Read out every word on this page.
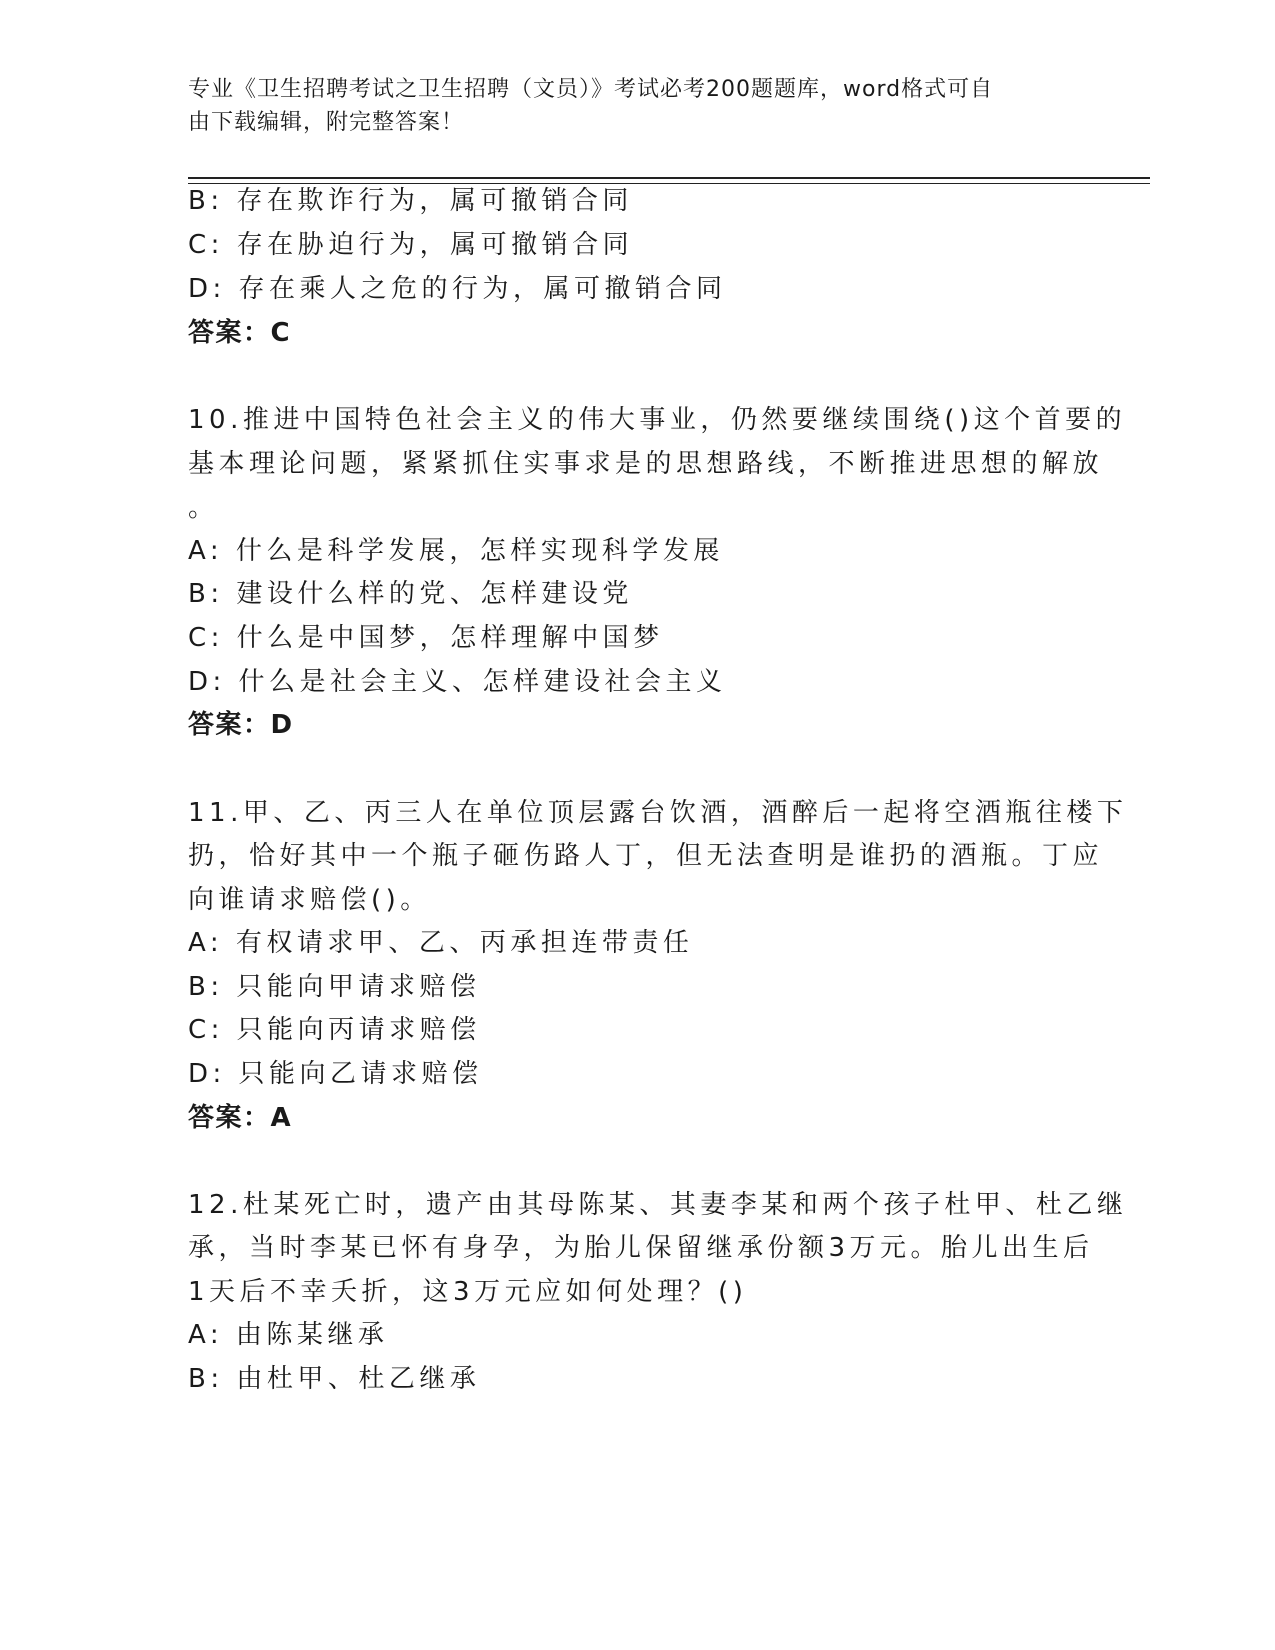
专业《卫生招聘考试之卫生招聘（文员）》考试必考200题题库，word格式可自
由下载编辑，附完整答案！
B: 存在欺诈行为，属可撤销合同
C: 存在胁迫行为，属可撤销合同
D: 存在乘人之危的行为，属可撤销合同
答案：C
10.推进中国特色社会主义的伟大事业，仍然要继续围绕()这个首要的
基本理论问题，紧紧抓住实事求是的思想路线，不断推进思想的解放
。
A: 什么是科学发展，怎样实现科学发展
B: 建设什么样的党、怎样建设党
C: 什么是中国梦，怎样理解中国梦
D: 什么是社会主义、怎样建设社会主义
答案：D
11.甲、乙、丙三人在单位顶层露台饮酒，酒醉后一起将空酒瓶往楼下
扔，恰好其中一个瓶子砸伤路人丁，但无法查明是谁扔的酒瓶。丁应
向谁请求赔偿()。
A: 有权请求甲、乙、丙承担连带责任
B: 只能向甲请求赔偿
C: 只能向丙请求赔偿
D: 只能向乙请求赔偿
答案：A
12.杜某死亡时，遗产由其母陈某、其妻李某和两个孩子杜甲、杜乙继
承，当时李某已怀有身孕，为胎儿保留继承份额3万元。胎儿出生后
1天后不幸夭折，这3万元应如何处理？()
A: 由陈某继承
B: 由杜甲、杜乙继承
